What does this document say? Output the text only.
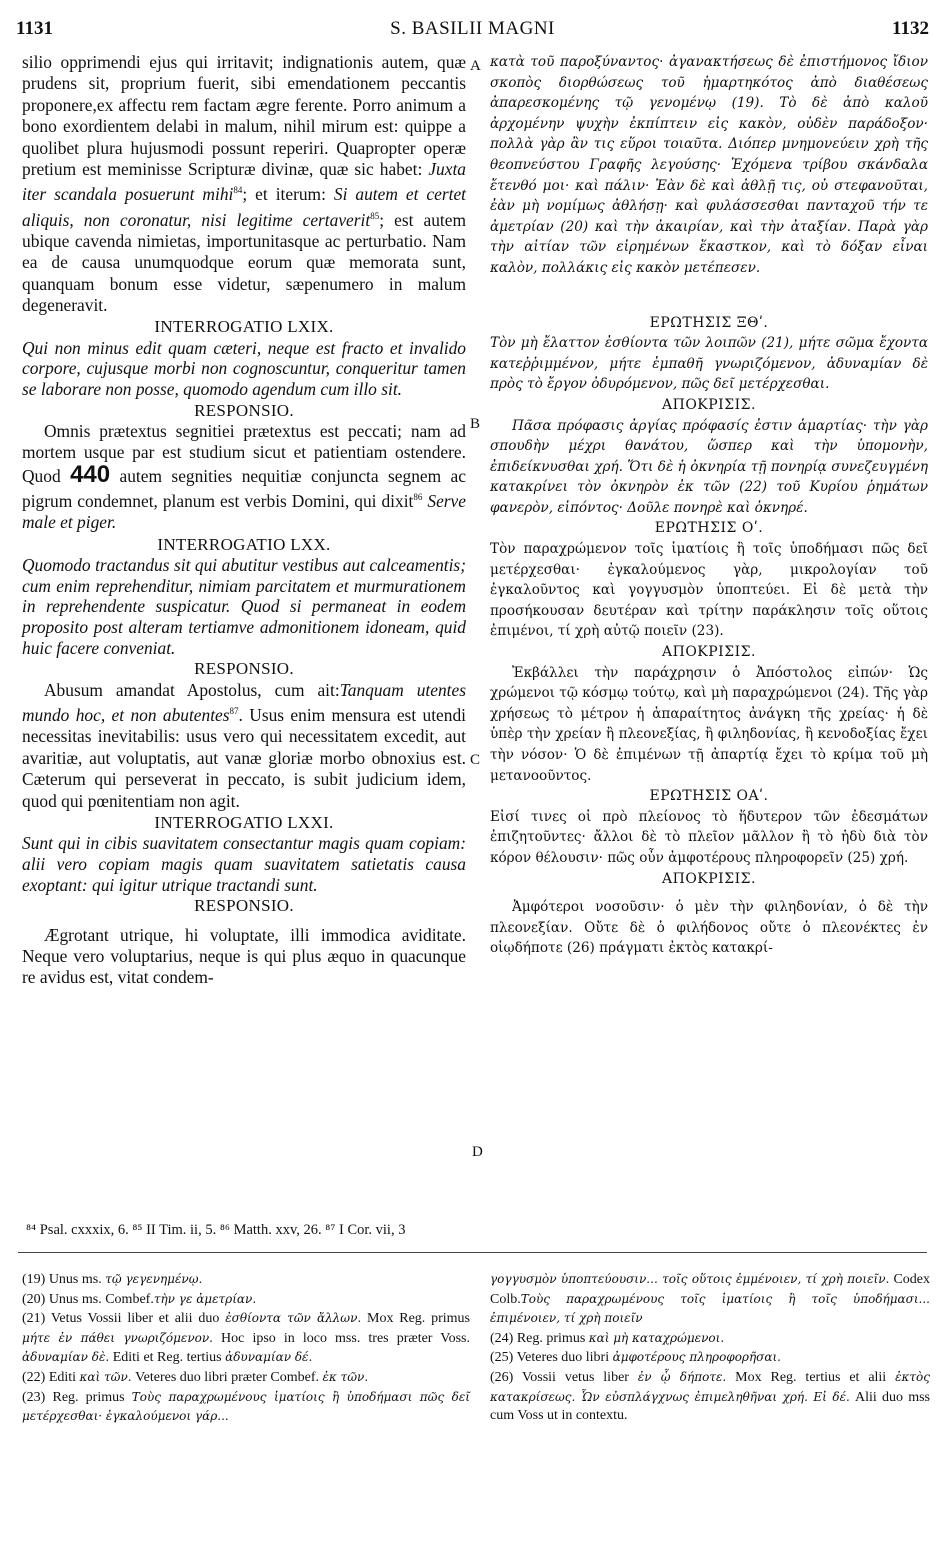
1131	S. BASILII MAGNI	1132
A
B
C
D

silio opprimendi ejus qui irritavit; indignationis autem, quæ prudens sit, proprium fuerit, sibi emendationem peccantis proponere,ex affectu rem factam ægre ferente. Porro animum a bono exordientem delabi in malum, nihil mirum est: quippe a quolibet plura hujusmodi possunt reperiri. Quapropter operæ pretium est meminisse Scripturæ divinæ, quæ sic habet: Juxta iter scandala posuerunt mihi$^{84}$; et iterum: Si autem et certet aliquis, non coronatur, nisi legitime certaverit$^{85}$; est autem ubique cavenda nimietas, importunitasque ac perturbatio. Nam ea de causa unumquodque eorum quæ memorata sunt, quanquam bonum esse videtur, sæpenumero in malum degeneravit.

INTERROGATIO LXIX.

Qui non minus edit quam cæteri, neque est fracto et invalido corpore, cujusque morbi non cognoscuntur, conqueritur tamen se laborare non posse, quomodo agendum cum illo sit.

RESPONSIO.

Omnis prætextus segnitiei prætextus est peccati; nam ad mortem usque par est studium sicut et patientiam ostendere. Quod 440 autem segnities nequitiæ conjuncta segnem ac pigrum condemnet, planum est verbis Domini, qui dixit$^{86}$ Serve male et piger.

INTERROGATIO LXX.

Quomodo tractandus sit qui abutitur vestibus aut calceamentis; cum enim reprehenditur, nimiam parcitatem et murmurationem in reprehendente suspicatur. Quod si permaneat in eodem proposito post alteram tertiamve admonitionem idoneam, quid huic facere conveniat.

RESPONSIO.

Abusum amandat Apostolus, cum ait:Tanquam utentes mundo hoc, et non abutentes$^{87}$. Usus enim mensura est utendi necessitas inevitabilis: usus vero qui necessitatem excedit, aut avaritiæ, aut voluptatis, aut vanæ gloriæ morbo obnoxius est. Cæterum qui perseverat in peccato, is subit judicium idem, quod qui pœnitentiam non agit.

INTERROGATIO LXXI.

Sunt qui in cibis suavitatem consectantur magis quam copiam: alii vero copiam magis quam suavitatem satietatis causa exoptant: qui igitur utrique tractandi sunt.

RESPONSIO.

Ægrotant utrique, hi voluptate, illi immodica aviditate. Neque vero voluptarius, neque is qui plus æquo in quacunque re avidus est, vitat condem-

κατὰ τοῦ παροξύναντος· ἀγανακτήσεως δὲ ἐπιστήμονος ἴδιον σκοπὸς διορθώσεως τοῦ ἡμαρτηκότος ἀπὸ διαθέσεως ἀπαρεσκομένης τῷ γενομένῳ (19). Τὸ δὲ ἀπὸ καλοῦ ἀρχομένην ψυχὴν ἐκπίπτειν εἰς κακὸν, οὐδὲν παράδοξον· πολλὰ γὰρ ἂν τις εὕροι τοιαῦτα. Διόπερ μνημονεύειν χρὴ τῆς θεοπνεύστου Γραφῆς λεγούσης· Ἐχόμενα τρίβου σκάνδαλα ἔτενθό μοι· καὶ πάλιν· Ἐὰν δὲ καὶ ἀθλῇ τις, οὐ στεφανοῦται, ἐὰν μὴ νομίμως ἀθλήσῃ· καὶ φυλάσσεσθαι πανταχοῦ τήν τε ἀμετρίαν (20) καὶ τὴν ἀκαιρίαν, καὶ τὴν ἀταξίαν. Παρὰ γὰρ τὴν αἰτίαν τῶν εἰρημένων ἕκαστκον, καὶ τὸ δόξαν εἶναι καλὸν, πολλάκις εἰς κακὸν μετέπεσεν.

ΕΡΩΤΗΣΙΣ ΞΘʹ.

Τὸν μὴ ἔλαττον ἐσθίοντα τῶν λοιπῶν (21), μήτε σῶμα ἔχοντα κατεῤῥιμμένον, μήτε ἐμπαθῆ γνωριζόμενον, ἀδυναμίαν δὲ πρὸς τὸ ἔργον ὀδυρόμενον, πῶς δεῖ μετέρχεσθαι.

ΑΠΟΚΡΙΣΙΣ.

Πᾶσα πρόφασις ἀργίας πρόφασίς ἐστιν ἁμαρτίας· τὴν γὰρ σπουδὴν μέχρι θανάτου, ὥσπερ καὶ τὴν ὑπομονὴν, ἐπιδείκνυσθαι χρή. Ὅτι δὲ ἡ ὀκνηρία τῇ πονηρίᾳ συνεζευγμένη κατακρίνει τὸν ὀκνηρὸν ἐκ τῶν (22) τοῦ Κυρίου ῥημάτων φανερὸν, εἰπόντος· Δοῦλε πονηρὲ καὶ ὀκνηρέ.

ΕΡΩΤΗΣΙΣ Οʹ.

Τὸν παραχρώμενον τοῖς ἱματίοις ἢ τοῖς ὑποδήμασι πῶς δεῖ μετέρχεσθαι· ἐγκαλούμενος γὰρ, μικρολογίαν τοῦ ἐγκαλοῦντος καὶ γογγυσμὸν ὑποπτεύει. Εἰ δὲ μετὰ τὴν προσήκουσαν δευτέραν καὶ τρίτην παράκλησιν τοῖς οὕτοις ἐπιμένοι, τί χρὴ αὐτῷ ποιεῖν (23).

ΑΠΟΚΡΙΣΙΣ.

Ἐκβάλλει τὴν παράχρησιν ὁ Ἀπόστολος εἰπών· Ὡς χρώμενοι τῷ κόσμῳ τούτῳ, καὶ μὴ παραχρώμενοι (24). Τῆς γὰρ χρήσεως τὸ μέτρον ἡ ἀπαραίτητος ἀνάγκη τῆς χρείας· ἡ δὲ ὑπὲρ τὴν χρείαν ἢ πλεονεξίας, ἢ φιληδονίας, ἢ κενοδοξίας ἔχει τὴν νόσον· Ὁ δὲ ἐπιμένων τῇ ἀπαρτίᾳ ἔχει τὸ κρίμα τοῦ μὴ μετανοοῦντος.

ΕΡΩΤΗΣΙΣ ΟΑʹ.

Εἰσί τινες οἱ πρὸ πλείονος τὸ ἥδυτερον τῶν ἐδεσμάτων ἐπιζητοῦντες· ἄλλοι δὲ τὸ πλεῖον μᾶλλον ἢ τὸ ἡδὺ διὰ τὸν κόρον θέλουσιν· πῶς οὖν ἀμφοτέρους πληροφορεῖν (25) χρή.

ΑΠΟΚΡΙΣΙΣ.

Ἀμφότεροι νοσοῦσιν· ὁ μὲν τὴν φιληδονίαν, ὁ δὲ τὴν πλεονεξίαν. Οὔτε δὲ ὁ φιλήδονος οὔτε ὁ πλεονέκτες ἐν οἱῳδήποτε (26) πράγματι ἐκτὸς κατακρί-

⁸⁴ Psal. cxxxix, 6. ⁸⁵ II Tim. ii, 5. ⁸⁶ Matth. xxv, 26. ⁸⁷ I Cor. vii, 3

(19) Unus ms. τῷ γεγενημένῳ.

(20) Unus ms. Combef.τὴν γε ἀμετρίαν.

(21) Vetus Vossii liber et alii duo ἐσθίοντα τῶν ἄλλων. Mox Reg. primus μήτε ἐν πάθει γνωριζόμενον. Hoc ipso in loco mss. tres præter Voss. ἀδυναμίαν δὲ. Editi et Reg. tertius ἀδυναμίαν δέ.

(22) Editi καὶ τῶν. Veteres duo libri præter Combef. ἐκ τῶν.

(23) Reg. primus Τοὺς παραχρωμένους ἱματίοις ἢ ὑποδήμασι πῶς δεῖ μετέρχεσθαι· ἐγκαλούμενοι γάρ...

γογγυσμὸν ὑποπτεύουσιν... τοῖς οὕτοις ἐμμένοιεν, τί χρὴ ποιεῖν. Codex Colb.Τοὺς παραχρωμένους τοῖς ἱματίοις ἢ τοῖς ὑποδήμασι... ἐπιμένοιεν, τί χρὴ ποιεῖν

(24) Reg. primus καὶ μὴ καταχρώμενοι.

(25) Veteres duo libri ἀμφοτέρους πληροφορῆσαι.

(26) Vossii vetus liber ἐν ᾧ δήποτε. Mox Reg. tertius et alii ἐκτὸς κατακρίσεως. Ὧν εὐσπλάγχνως ἐπιμεληθῆναι χρή. Εἰ δέ. Alii duo mss cum Voss ut in contextu.
